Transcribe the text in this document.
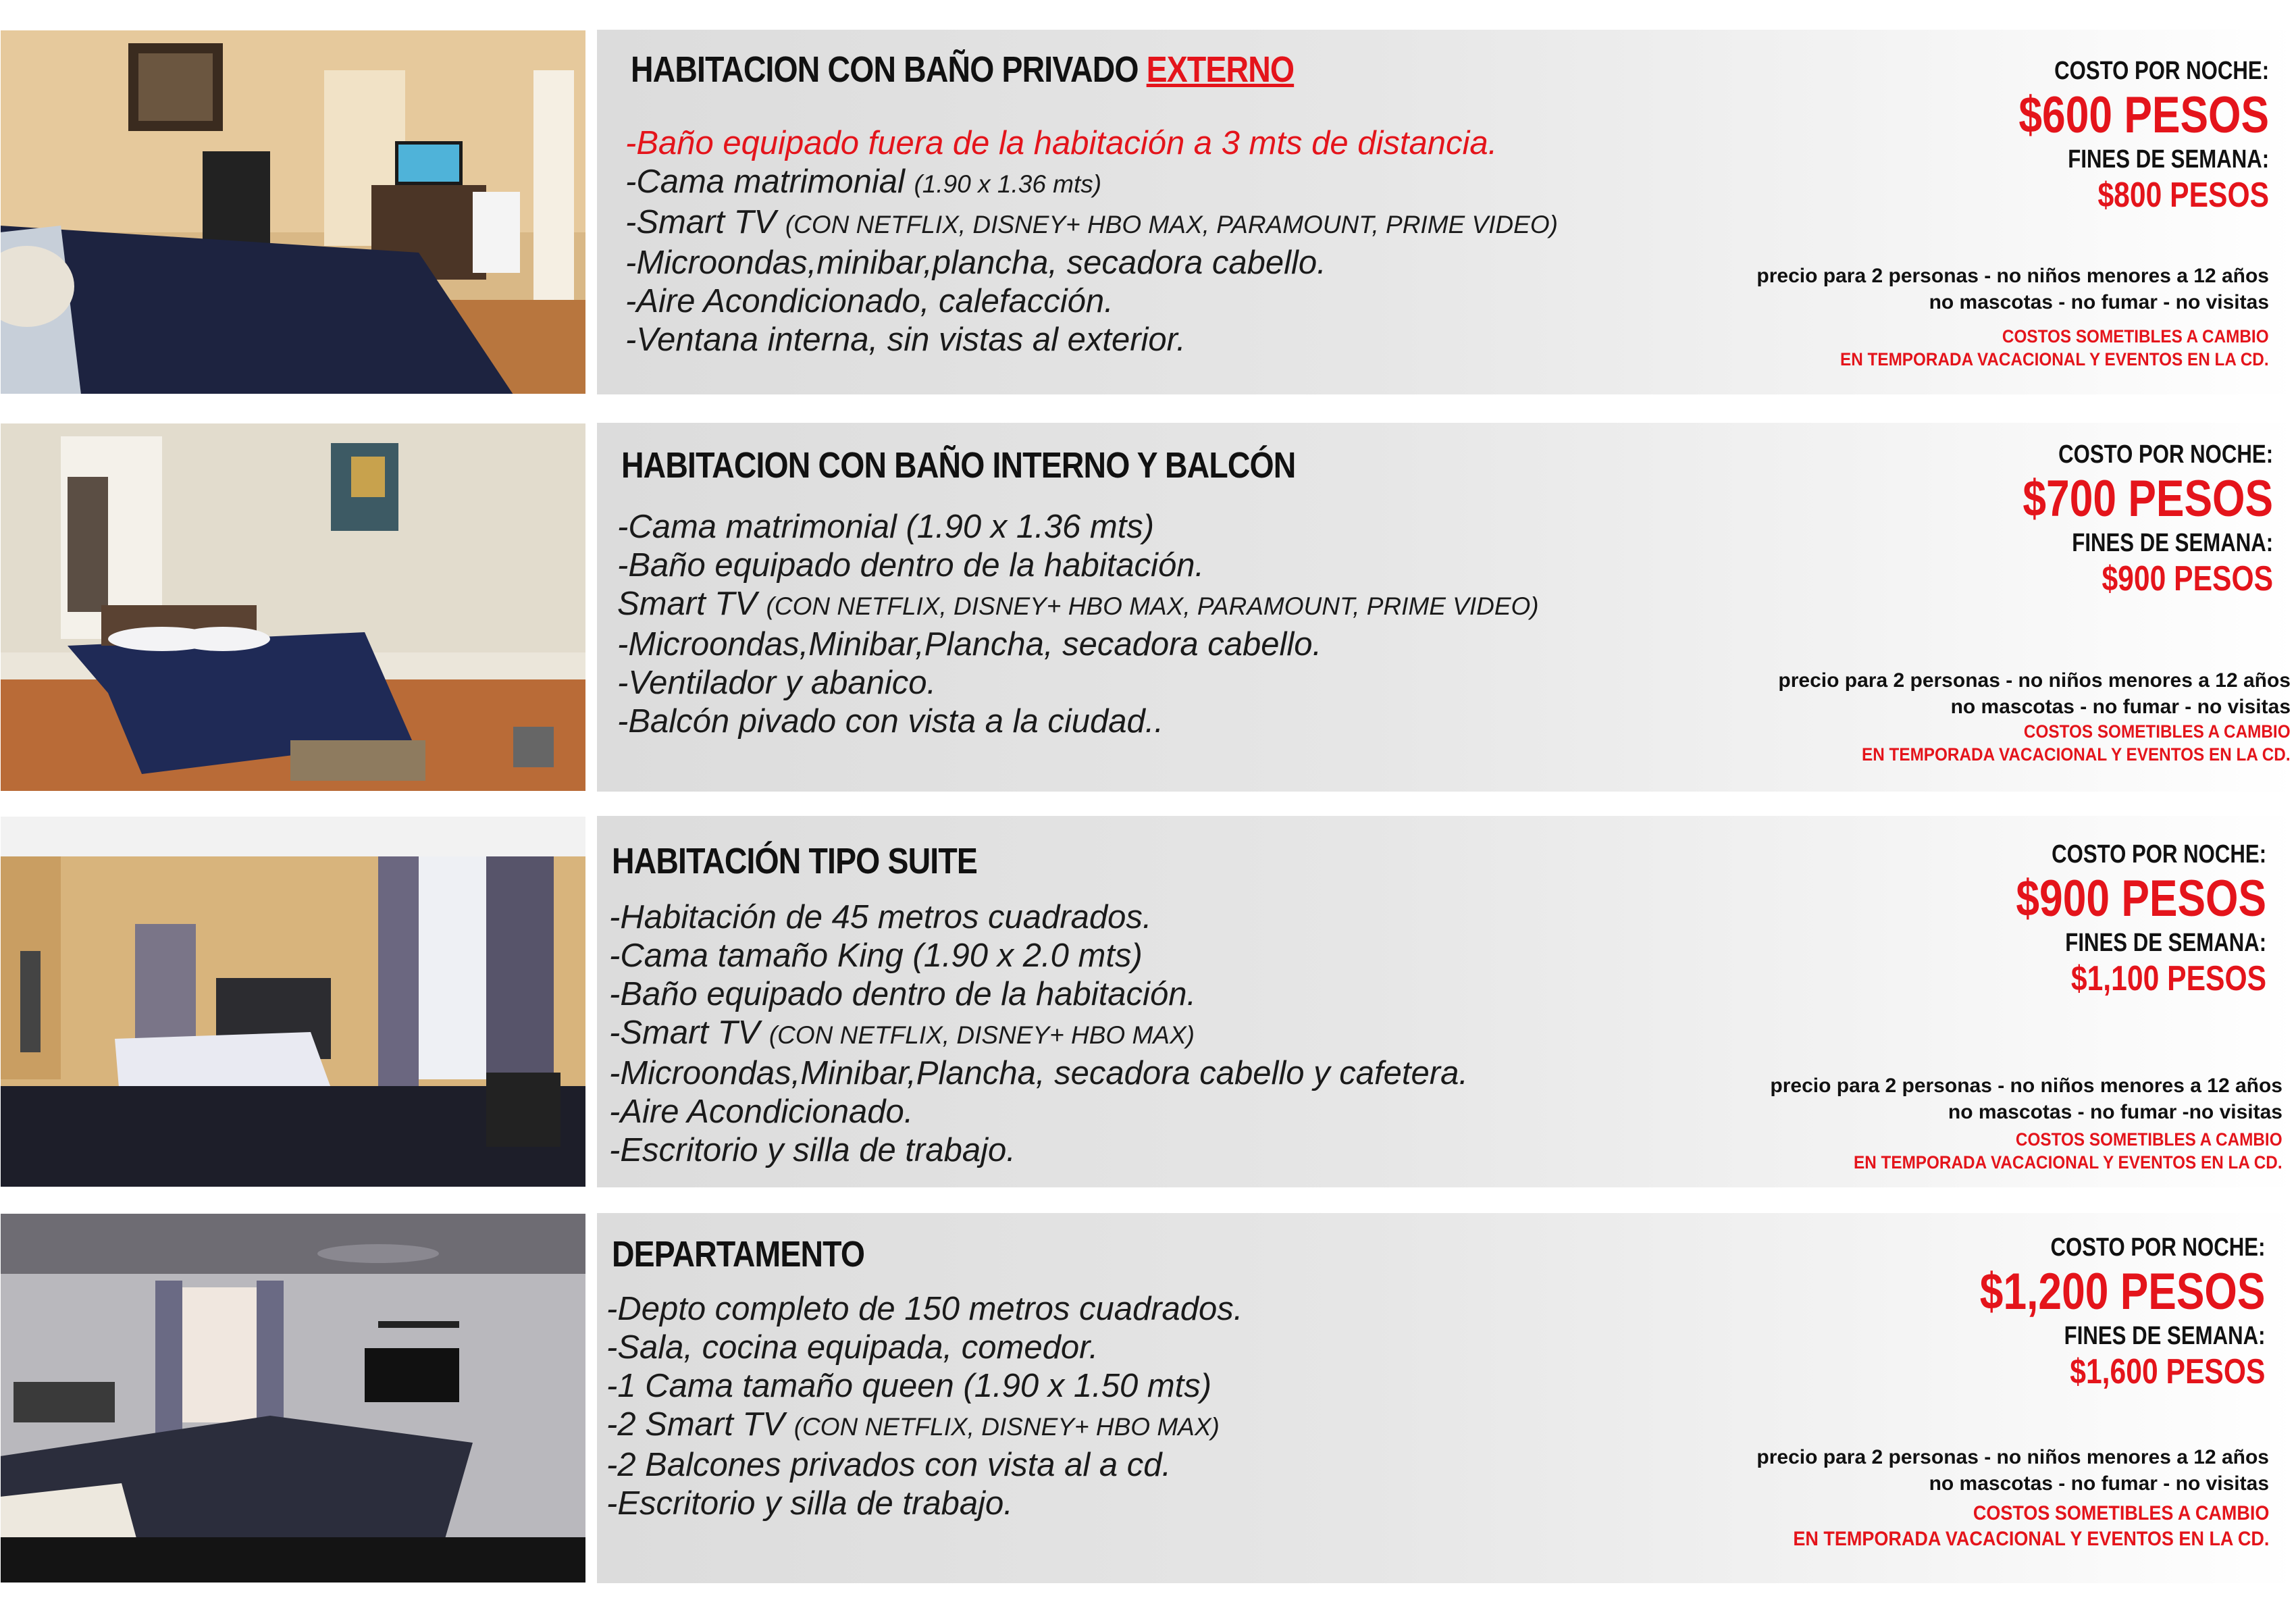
HABITACION CON BAÑO PRIVADO EXTERNO
-Baño equipado fuera de la habitación a 3 mts de distancia.
-Cama matrimonial (1.90 x 1.36 mts)
-Smart TV (CON NETFLIX, DISNEY+ HBO MAX, PARAMOUNT, PRIME VIDEO)
-Microondas,minibar,plancha, secadora cabello.
-Aire Acondicionado, calefacción.
-Ventana interna, sin vistas al exterior.
COSTO POR NOCHE:
$600 PESOS
FINES DE SEMANA:
$800 PESOS
precio para 2 personas - no niños menores a 12 años
no mascotas - no fumar - no visitas
COSTOS SOMETIBLES A CAMBIO
EN TEMPORADA VACACIONAL Y EVENTOS EN LA CD.
HABITACION CON BAÑO INTERNO Y BALCÓN
-Cama matrimonial (1.90 x 1.36 mts)
-Baño equipado dentro de la habitación.
Smart TV (CON NETFLIX, DISNEY+ HBO MAX, PARAMOUNT, PRIME VIDEO)
-Microondas,Minibar,Plancha, secadora cabello.
-Ventilador y abanico.
-Balcón pivado con vista a la ciudad..
COSTO POR NOCHE:
$700 PESOS
FINES DE SEMANA:
$900 PESOS
precio para 2 personas - no niños menores a 12 años
no mascotas - no fumar - no visitas
COSTOS SOMETIBLES A CAMBIO
EN TEMPORADA VACACIONAL Y EVENTOS EN LA CD.
HABITACIÓN TIPO SUITE
-Habitación de 45 metros cuadrados.
-Cama tamaño King (1.90 x 2.0 mts)
-Baño equipado dentro de la habitación.
-Smart TV (CON NETFLIX, DISNEY+ HBO MAX)
-Microondas,Minibar,Plancha, secadora cabello y cafetera.
-Aire Acondicionado.
-Escritorio y silla de trabajo.
COSTO POR NOCHE:
$900 PESOS
FINES DE SEMANA:
$1,100 PESOS
precio para 2 personas - no niños menores a 12 años
no mascotas - no fumar -no visitas
COSTOS SOMETIBLES A CAMBIO
EN TEMPORADA VACACIONAL Y EVENTOS EN LA CD.
DEPARTAMENTO
-Depto completo de 150 metros cuadrados.
-Sala, cocina equipada, comedor.
-1 Cama tamaño queen (1.90 x 1.50 mts)
-2 Smart TV (CON NETFLIX, DISNEY+ HBO MAX)
-2 Balcones privados con vista al a cd.
-Escritorio y silla de trabajo.
COSTO POR NOCHE:
$1,200 PESOS
FINES DE SEMANA:
$1,600 PESOS
precio para 2 personas - no niños menores a 12 años
no mascotas - no fumar - no visitas
COSTOS SOMETIBLES A CAMBIO
EN TEMPORADA VACACIONAL Y EVENTOS EN LA CD.
